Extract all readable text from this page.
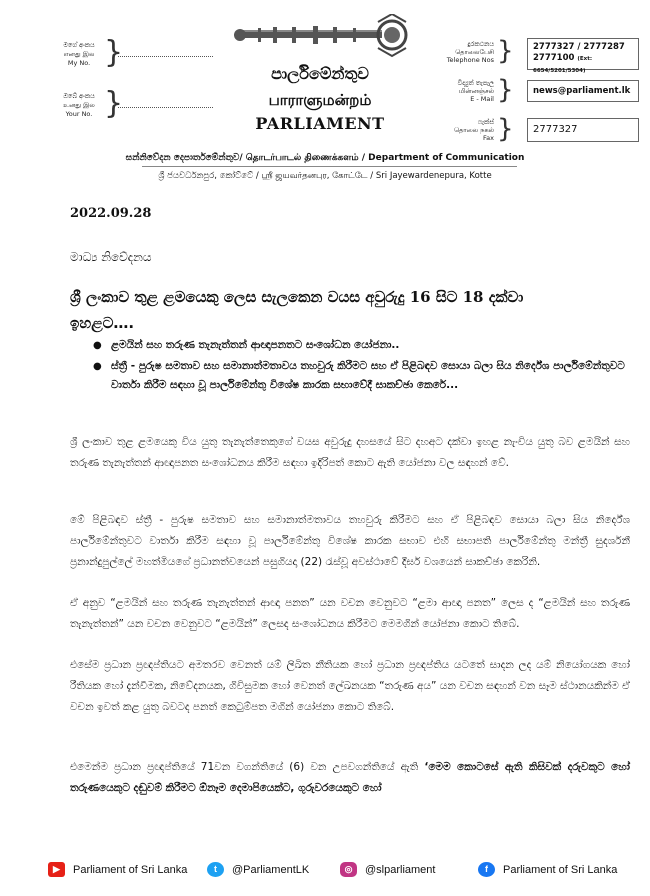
මගේ අංකය
எனது இல
My No. }
ඔබේ අංකය
உனது இல
Your No. }
පාර්ලිමේන්තුව
பாராளுமன்றம்
PARLIAMENT
දුරකථනය
தொலைபேசி
Telephone Nos } 2777327 / 2777287
2777100 (Ext: 6654/5201/5304)
විද්‍යුත් තැපැල
மின்னஞ்சல்
E - Mail }	news@parliament.lk
ෆැක්ස්
தொலை நகல்
Fax }	2777327
සන්නිවේදන දෙපාර්තමේන්තුව/ தொடர்பாடல் திணைக்களம் / Department of Communication
ශ්‍රී ජයවර්ධනපුර, කෝට්ටේ / ஸ்ரீ ஜயவர்தனபுர, கோட்டே / Sri Jayewardenepura, Kotte
2022.09.28
මාධ්‍ය නිවේදනය
ශ්‍රී ලංකාව තුළ ළමයෙකු ලෙස සැලකෙන වයස අවුරුදු 16 සිට 18 දක්වා
ඉහළට….
● ළමයින් සහ තරුණ තැනැත්තන් ආඥාපනතට සංශෝධන යෝජනා..
● ස්ත්‍රී - පුරුෂ සමතාව සහ සමානාත්මතාවය තහවුරු කිරීමට සහ ඒ පිළිබඳව සොයා බලා සිය නිර්දේශ පාර්ලිමේන්තුවට වාර්තා කිරීම සඳහා වූ පාර්ලිමේන්තු විශේෂ කාරක සභාවේදී සාකච්ඡා කෙරේ...
ශ්‍රී ලංකාව තුළ ළමයෙකු විය යුතු තැනැත්තෙකුගේ වයස අවුරුදු දහසයේ සිට දහඅට දක්වා ඉහළ නැංවිය යුතු බව ළමයින් සහ තරුණ තැනැත්තන් ආඥාපනත සංශෝධනය කිරීම සඳහා ඉදිරිපත් කොට ඇති යෝජනා වල සඳහන් වේ.
මේ පිළිබඳව ස්ත්‍රී - පුරුෂ සමතාව සහ සමානාත්මතාවය තහවුරු කිරීමට සහ ඒ පිළිබඳව සොයා බලා සිය නිර්දේශ පාර්ලිමේන්තුවට වාර්තා කිරීම සඳහා වූ පාර්ලිමේන්තු විශේෂ කාරක සභාව එහි සභාපති පාර්ලිමේන්තු මන්ත්‍රී සුදර්ශනී ප්‍රනාන්දුපුල්ලේ මහත්මියගේ ප්‍රධානත්වයෙන් පසුගියදා (22) රැස්වූ අවස්ථාවේ දීර්ඝ වශයෙන් සාකච්ඡා කෙරිනි.
ඒ අනුව “ළමයින් සහ තරුණ තැනැත්තන් ආඥා පනත” යන වචන වෙනුවට “ළමා ආඥා පනත” ලෙස ද “ළමයින් සහ තරුණ තැනැත්තන්” යන වචන වෙනුවට “ළමයින්” ලෙසද සංශෝධනය කිරීමට මෙමගින් යෝජනා කොට තිබේ.
එසේම ප්‍රධාන ප්‍රඥප්තියට අමතරව වෙනත් යම් ලිඛිත නීතියක හෝ ප්‍රධාන ප්‍රඥප්තිය යටතේ සාදන ලද යම් නියෝගයක හෝ රීතියක හෝ දැන්වීමක, නිවේදනයක, ගිවිසුමක හෝ වෙනත් ලේඛනයක “තරුණ අය” යන වචන සඳහන් වන සෑම ස්ථානයකින්ම ඒ වචන ඉවත් කළ යුතු බවටද පනත් කෙටුම්පත මගින් යෝජනා කොට තිබේ.
එමෙන්ම ප්‍රධාන ප්‍රඥප්තියේ 71වන වගන්තියේ (6) වන උපවගන්තියේ ඇති ‘මෙම කොටසේ ඇති කිසිවක් දරුවකුට හෝ තරුණයෙකුට දඬුවම් කිරීමට ඕනෑම දෙමාපියෙක්ට, ගුරුවරයෙකුට හෝ
▶	Parliament of Sri Lanka	t	@ParliamentLK	◎	@slparliament	f	Parliament of Sri Lanka
